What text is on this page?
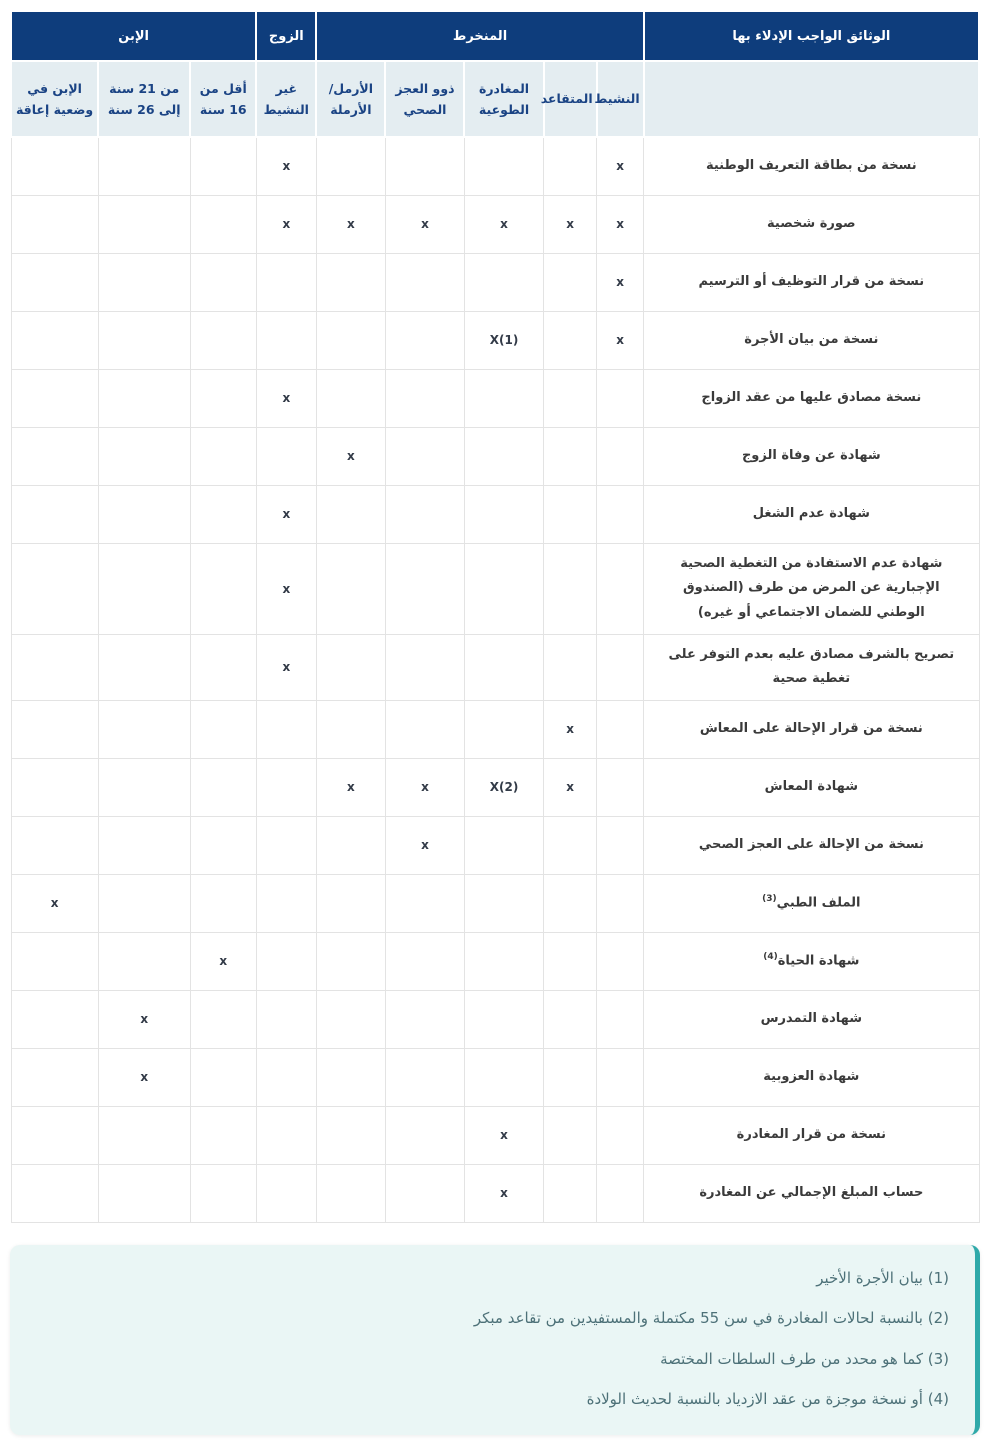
الوثائق الواجب الإدلاء بها	المنخرط					الزوج	الإبن		
	النشيط	المتقاعد	المغادرة الطوعية	ذوو العجز الصحي	الأرمل/ الأرملة	غير النشيط	أقل من 16 سنة	من 21 سنة إلى 26 سنة	الإبن في وضعية إعاقة
نسخة من بطاقة التعريف الوطنية	x					x			
صورة شخصية	x	x	x	x	x	x			
نسخة من قرار التوظيف أو الترسيم	x								
نسخة من بيان الأجرة	x		X(1)						
نسخة مصادق عليها من عقد الزواج						x			
شهادة عن وفاة الزوج					x				
شهادة عدم الشغل						x			
شهادة عدم الاستفادة من التغطية الصحية الإجبارية عن المرض من طرف (الصندوق الوطني للضمان الاجتماعي أو غيره)						x			
تصريح بالشرف مصادق عليه بعدم التوفر على تغطية صحية						x			
نسخة من قرار الإحالة على المعاش		x							
شهادة المعاش		x	X(2)	x	x				
نسخة من الإحالة على العجز الصحي				x					
الملف الطبي$^{(3)}$									x
شهادة الحياة$^{(4)}$							x		
شهادة التمدرس								x	
شهادة العزوبية								x	
نسخة من قرار المغادرة			x						
حساب المبلغ الإجمالي عن المغادرة			x						
(1) بيان الأجرة الأخير
(2) بالنسبة لحالات المغادرة في سن 55 مكتملة والمستفيدين من تقاعد مبكر
(3) كما هو محدد من طرف السلطات المختصة
(4) أو نسخة موجزة من عقد الازدياد بالنسبة لحديث الولادة
